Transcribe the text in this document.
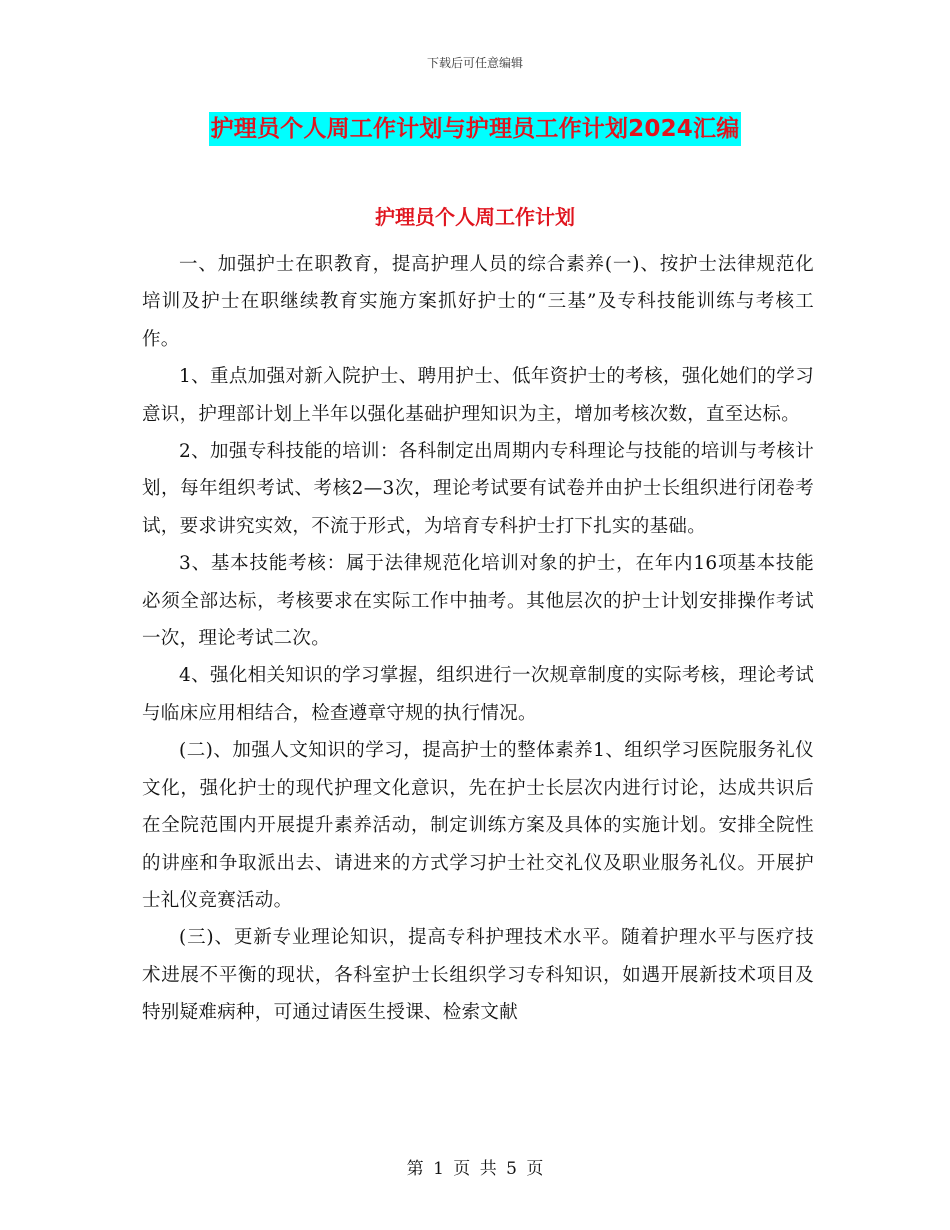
下载后可任意编辑
护理员个人周工作计划与护理员工作计划2024汇编
护理员个人周工作计划

一、加强护士在职教育，提高护理人员的综合素养(一)、按护士法律规范化培训及护士在职继续教育实施方案抓好护士的“三基”及专科技能训练与考核工作。

1、重点加强对新入院护士、聘用护士、低年资护士的考核，强化她们的学习意识，护理部计划上半年以强化基础护理知识为主，增加考核次数，直至达标。

2、加强专科技能的培训：各科制定出周期内专科理论与技能的培训与考核计划，每年组织考试、考核2—3次，理论考试要有试卷并由护士长组织进行闭卷考试，要求讲究实效，不流于形式，为培育专科护士打下扎实的基础。

3、基本技能考核：属于法律规范化培训对象的护士，在年内16项基本技能必须全部达标，考核要求在实际工作中抽考。其他层次的护士计划安排操作考试一次，理论考试二次。

4、强化相关知识的学习掌握，组织进行一次规章制度的实际考核，理论考试与临床应用相结合，检查遵章守规的执行情况。

(二)、加强人文知识的学习，提高护士的整体素养1、组织学习医院服务礼仪文化，强化护士的现代护理文化意识，先在护士长层次内进行讨论，达成共识后在全院范围内开展提升素养活动，制定训练方案及具体的实施计划。安排全院性的讲座和争取派出去、请进来的方式学习护士社交礼仪及职业服务礼仪。开展护士礼仪竞赛活动。

(三)、更新专业理论知识，提高专科护理技术水平。随着护理水平与医疗技术进展不平衡的现状，各科室护士长组织学习专科知识，如遇开展新技术项目及特别疑难病种，可通过请医生授课、检索文献

第 1 页 共 5 页
